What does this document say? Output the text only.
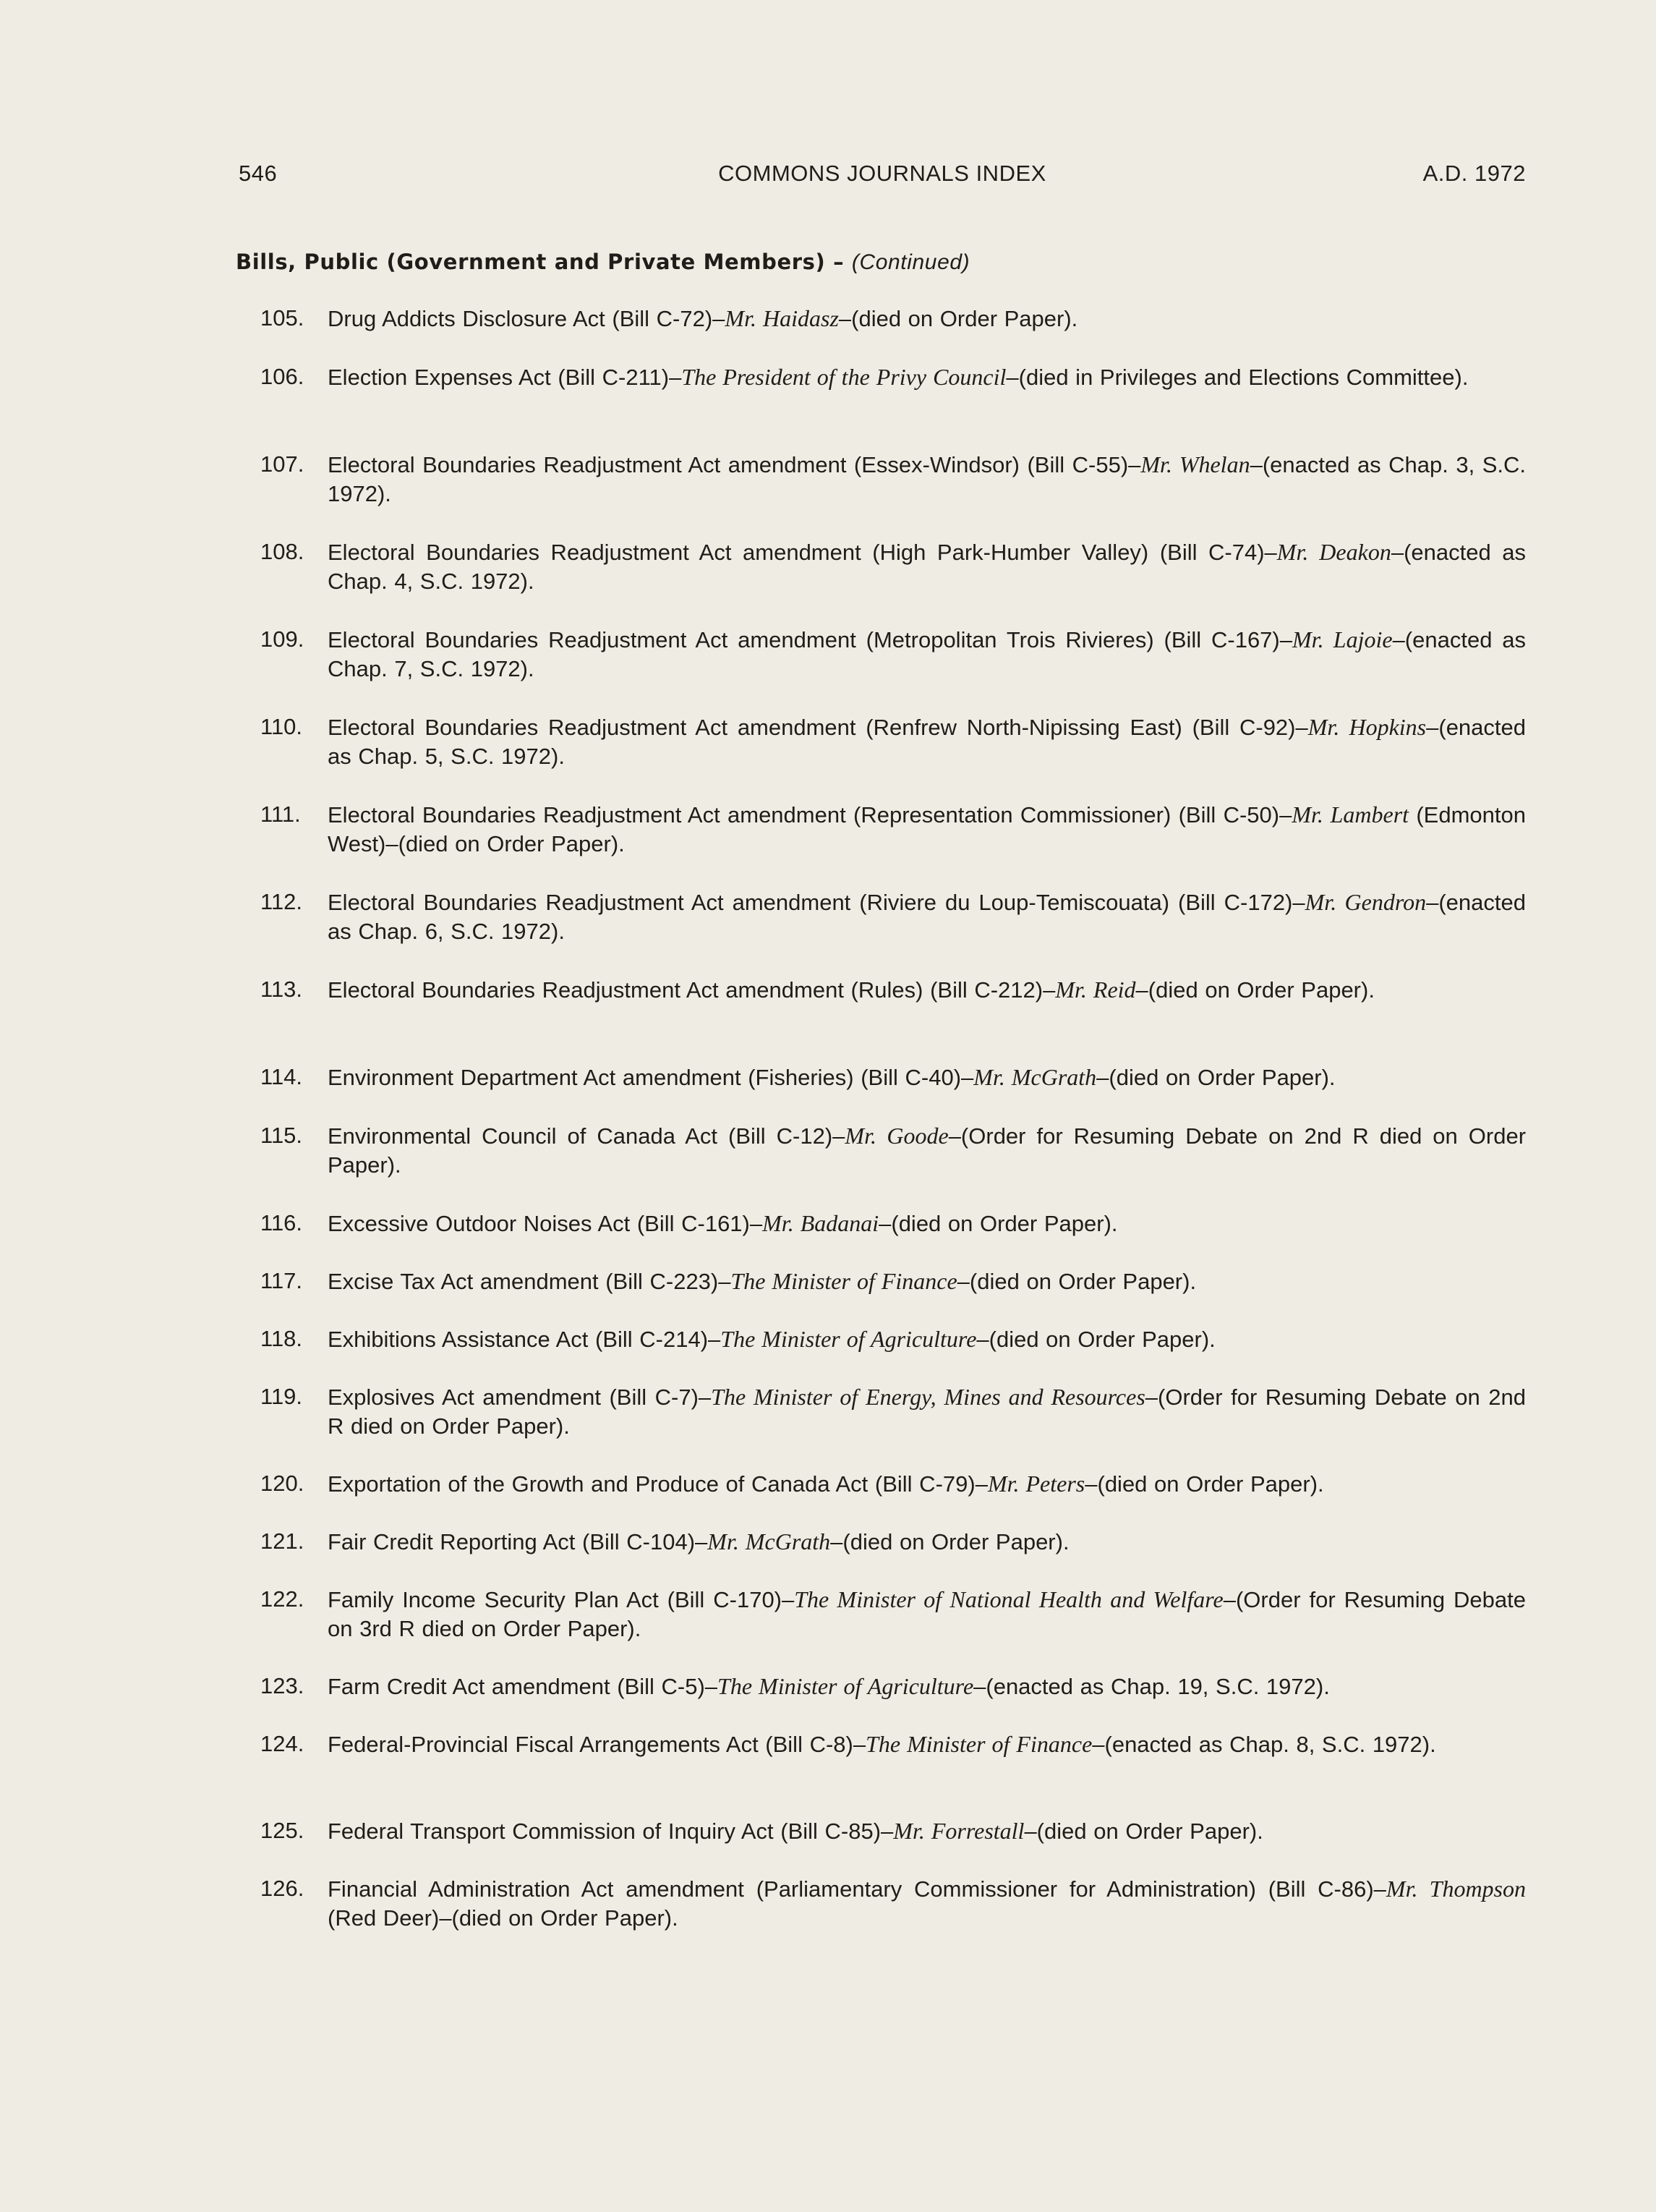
546	COMMONS JOURNALS INDEX	A.D. 1972
Bills, Public (Government and Private Members) – (Continued)

105. Drug Addicts Disclosure Act (Bill C-72)–Mr. Haidasz–(died on Order Paper).

106. Election Expenses Act (Bill C-211)–The President of the Privy Council–(died in Privileges and Elections Committee).

107. Electoral Boundaries Readjustment Act amendment (Essex-Windsor) (Bill C-55)–Mr. Whelan–(enacted as Chap. 3, S.C. 1972).

108. Electoral Boundaries Readjustment Act amendment (High Park-Humber Valley) (Bill C-74)–Mr. Deakon–(enacted as Chap. 4, S.C. 1972).

109. Electoral Boundaries Readjustment Act amendment (Metropolitan Trois Rivieres) (Bill C-167)–Mr. Lajoie–(enacted as Chap. 7, S.C. 1972).

110. Electoral Boundaries Readjustment Act amendment (Renfrew North-Nipissing East) (Bill C-92)–Mr. Hopkins–(enacted as Chap. 5, S.C. 1972).

111. Electoral Boundaries Readjustment Act amendment (Representation Commissioner) (Bill C-50)–Mr. Lambert (Edmonton West)–(died on Order Paper).

112. Electoral Boundaries Readjustment Act amendment (Riviere du Loup-Temiscouata) (Bill C-172)–Mr. Gendron–(enacted as Chap. 6, S.C. 1972).

113. Electoral Boundaries Readjustment Act amendment (Rules) (Bill C-212)–Mr. Reid–(died on Order Paper).

114. Environment Department Act amendment (Fisheries) (Bill C-40)–Mr. McGrath–(died on Order Paper).

115. Environmental Council of Canada Act (Bill C-12)–Mr. Goode–(Order for Resuming Debate on 2nd R died on Order Paper).

116. Excessive Outdoor Noises Act (Bill C-161)–Mr. Badanai–(died on Order Paper).

117. Excise Tax Act amendment (Bill C-223)–The Minister of Finance–(died on Order Paper).

118. Exhibitions Assistance Act (Bill C-214)–The Minister of Agriculture–(died on Order Paper).

119. Explosives Act amendment (Bill C-7)–The Minister of Energy, Mines and Resources–(Order for Resuming Debate on 2nd R died on Order Paper).

120. Exportation of the Growth and Produce of Canada Act (Bill C-79)–Mr. Peters–(died on Order Paper).

121. Fair Credit Reporting Act (Bill C-104)–Mr. McGrath–(died on Order Paper).

122. Family Income Security Plan Act (Bill C-170)–The Minister of National Health and Welfare–(Order for Resuming Debate on 3rd R died on Order Paper).

123. Farm Credit Act amendment (Bill C-5)–The Minister of Agriculture–(enacted as Chap. 19, S.C. 1972).

124. Federal-Provincial Fiscal Arrangements Act (Bill C-8)–The Minister of Finance–(enacted as Chap. 8, S.C. 1972).

125. Federal Transport Commission of Inquiry Act (Bill C-85)–Mr. Forrestall–(died on Order Paper).

126. Financial Administration Act amendment (Parliamentary Commissioner for Administration) (Bill C-86)–Mr. Thompson (Red Deer)–(died on Order Paper).
